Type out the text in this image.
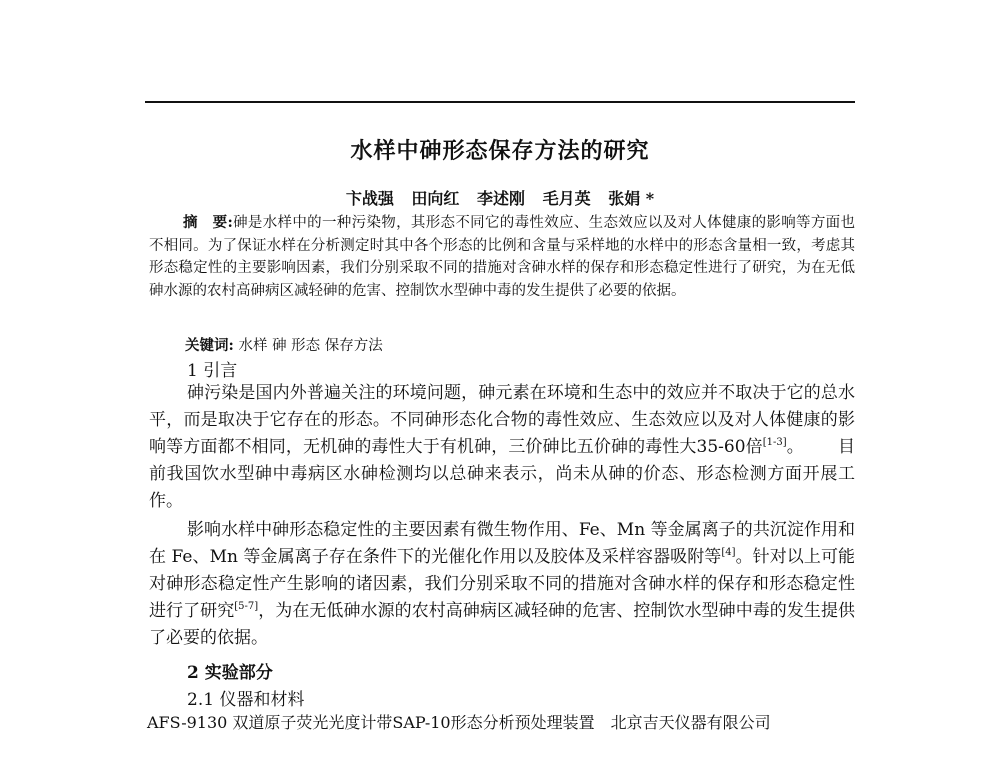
水样中砷形态保存方法的研究
卞战强 田向红 李述刚 毛月英 张娟 *
摘　要:砷是水样中的一种污染物，其形态不同它的毒性效应、生态效应以及对人体健康的影响等方面也不相同。为了保证水样在分析测定时其中各个形态的比例和含量与采样地的水样中的形态含量相一致，考虑其形态稳定性的主要影响因素，我们分别采取不同的措施对含砷水样的保存和形态稳定性进行了研究，为在无低砷水源的农村高砷病区减轻砷的危害、控制饮水型砷中毒的发生提供了必要的依据。
关键词: 水样 砷 形态 保存方法
1 引言
砷污染是国内外普遍关注的环境问题，砷元素在环境和生态中的效应并不取决于它的总水平，而是取决于它存在的形态。不同砷形态化合物的毒性效应、生态效应以及对人体健康的影响等方面都不相同，无机砷的毒性大于有机砷，三价砷比五价砷的毒性大35-60倍[1-3]。 目前我国饮水型砷中毒病区水砷检测均以总砷来表示，尚未从砷的价态、形态检测方面开展工作。
影响水样中砷形态稳定性的主要因素有微生物作用、Fe、Mn 等金属离子的共沉淀作用和在 Fe、Mn 等金属离子存在条件下的光催化作用以及胶体及采样容器吸附等[4]。针对以上可能对砷形态稳定性产生影响的诸因素，我们分别采取不同的措施对含砷水样的保存和形态稳定性进行了研究[5-7]，为在无低砷水源的农村高砷病区减轻砷的危害、控制饮水型砷中毒的发生提供了必要的依据。
2 实验部分
2.1 仪器和材料
AFS-9130 双道原子荧光光度计带SAP-10形态分析预处理装置　北京吉天仪器有限公司
